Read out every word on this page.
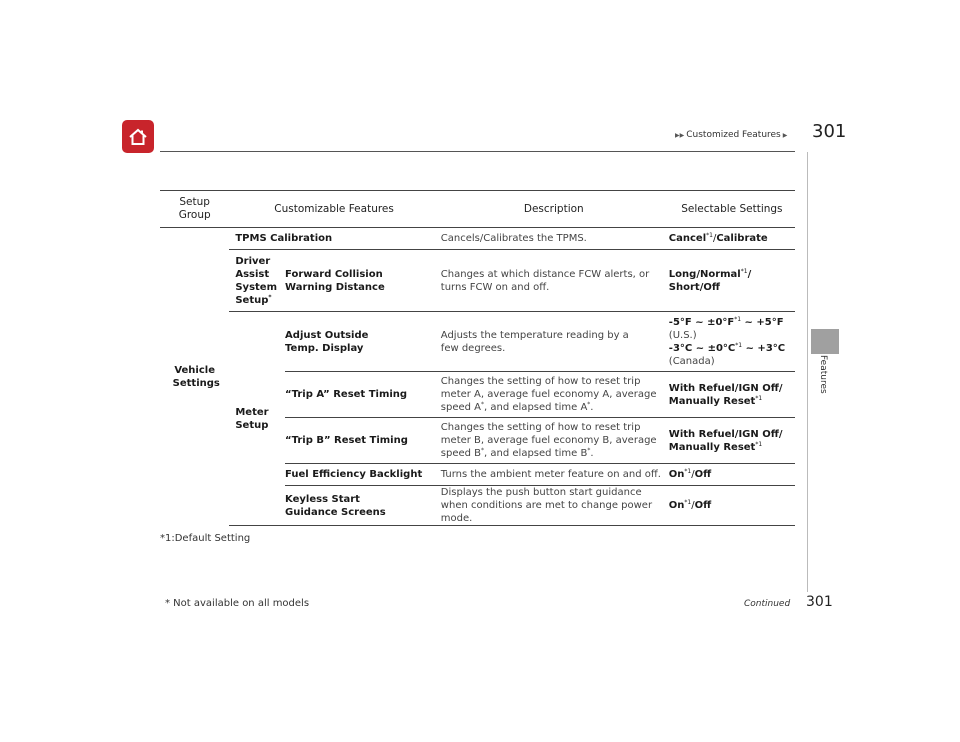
▶▶ Customized Features ▶ 301
Features
Setup Group	Customizable Features		Description	Selectable Settings

Vehicle Settings	TPMS Calibration		Cancels/Calibrates the TPMS.	Cancel$^{*1}$/Calibrate

	Driver Assist System Setup*	Forward Collision Warning Distance	Changes at which distance FCW alerts, or turns FCW on and off.	Long/Normal$^{*1}$/
Short/Off

	Meter Setup	Adjust Outside Temp. Display	Adjusts the temperature reading by a few degrees.	-5°F ~ $\pm 0^\circ F^{*1}$ ~ +5°F
(U.S.)
-3°C ~ $\pm 0^\circ C^{*1}$ ~ +3°C
(Canada)
		“Trip A” Reset Timing	Changes the setting of how to reset trip meter A, average fuel economy A, average speed A*, and elapsed time A*.	With Refuel/IGN Off/
Manually Reset$^{*1}$
		“Trip B” Reset Timing	Changes the setting of how to reset trip meter B, average fuel economy B, average speed B*, and elapsed time B*.	With Refuel/IGN Off/
Manually Reset$^{*1}$
		Fuel Efficiency Backlight	Turns the ambient meter feature on and off.	On$^{*1}$/Off

		Keyless Start Guidance Screens	Displays the push button start guidance when conditions are met to change power mode.	On$^{*1}$/Off
*1:Default Setting
* Not available on all models	Continued 301
